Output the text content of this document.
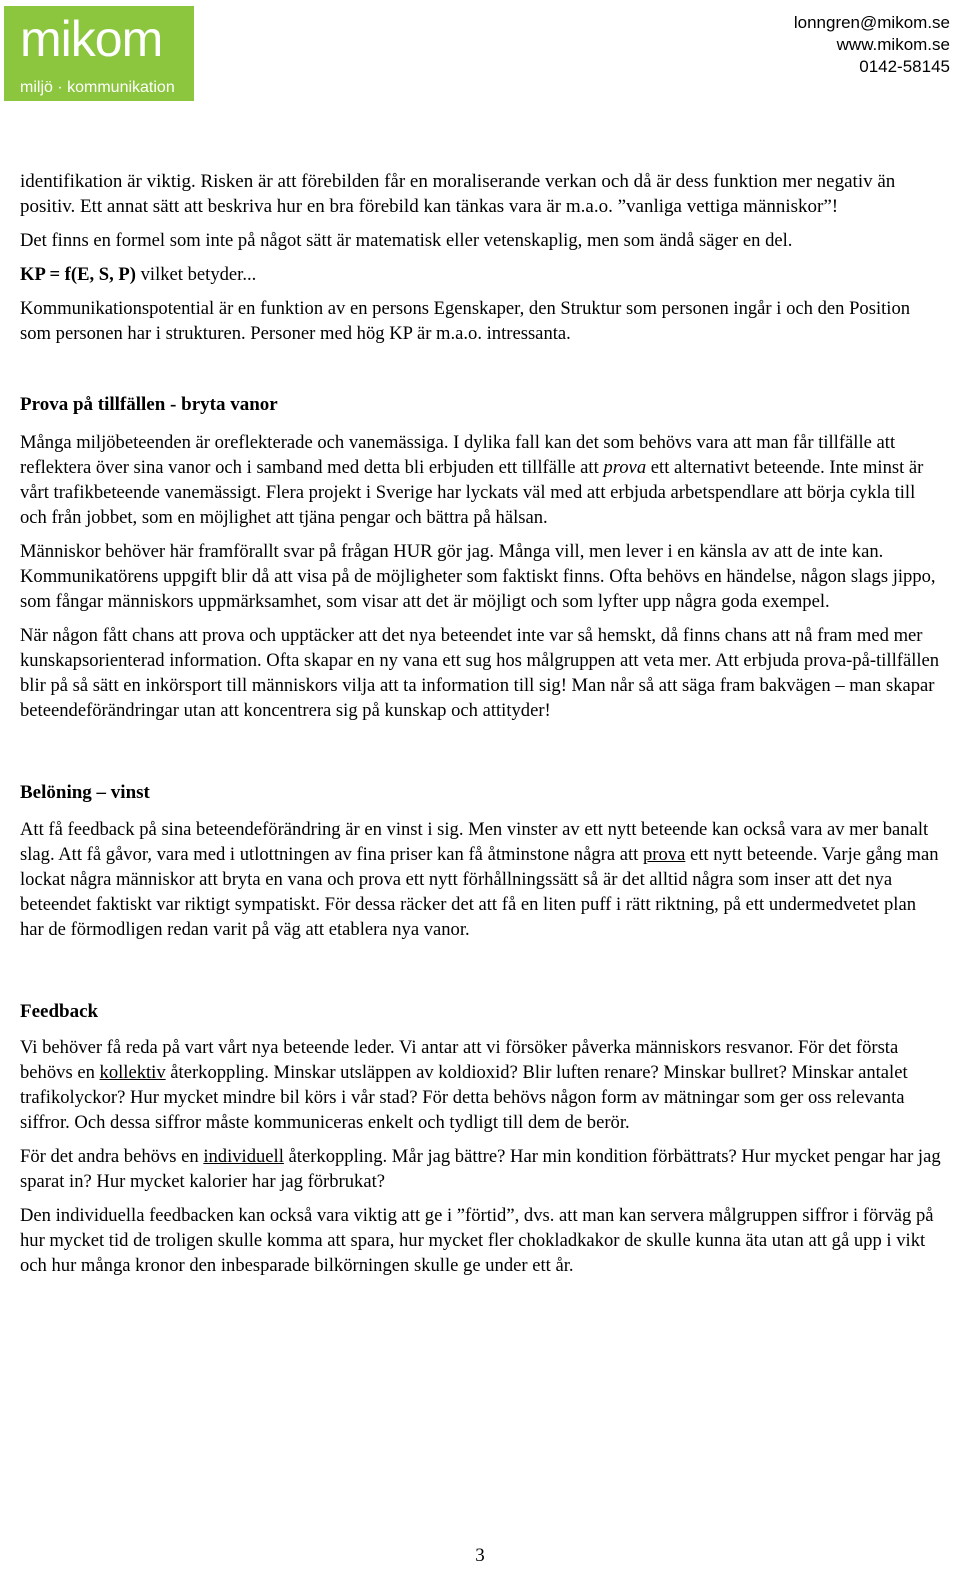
mikom
miljö · kommunikation
lonngren@mikom.se
www.mikom.se
0142-58145

identifikation är viktig. Risken är att förebilden får en moraliserande verkan och då är dess funktion mer negativ än positiv. Ett annat sätt att beskriva hur en bra förebild kan tänkas vara är m.a.o. ”vanliga vettiga människor”!

Det finns en formel som inte på något sätt är matematisk eller vetenskaplig, men som ändå säger en del.

KP = f(E, S, P) vilket betyder...

Kommunikationspotential är en funktion av en persons Egenskaper, den Struktur som personen ingår i och den Position som personen har i strukturen. Personer med hög KP är m.a.o. intressanta.

Prova på tillfällen - bryta vanor

Många miljöbeteenden är oreflekterade och vanemässiga. I dylika fall kan det som behövs vara att man får tillfälle att reflektera över sina vanor och i samband med detta bli erbjuden ett tillfälle att prova ett alternativt beteende. Inte minst är vårt trafikbeteende vanemässigt. Flera projekt i Sverige har lyckats väl med att erbjuda arbetspendlare att börja cykla till och från jobbet, som en möjlighet att tjäna pengar och bättra på hälsan.

Människor behöver här framförallt svar på frågan HUR gör jag. Många vill, men lever i en känsla av att de inte kan. Kommunikatörens uppgift blir då att visa på de möjligheter som faktiskt finns. Ofta behövs en händelse, någon slags jippo, som fångar människors uppmärksamhet, som visar att det är möjligt och som lyfter upp några goda exempel.

När någon fått chans att prova och upptäcker att det nya beteendet inte var så hemskt, då finns chans att nå fram med mer kunskapsorienterad information. Ofta skapar en ny vana ett sug hos målgruppen att veta mer. Att erbjuda prova-på-tillfällen blir på så sätt en inkörsport till människors vilja att ta information till sig! Man når så att säga fram bakvägen – man skapar beteendeförändringar utan att koncentrera sig på kunskap och attityder!

Belöning – vinst

Att få feedback på sina beteendeförändring är en vinst i sig. Men vinster av ett nytt beteende kan också vara av mer banalt slag. Att få gåvor, vara med i utlottningen av fina priser kan få åtminstone några att prova ett nytt beteende. Varje gång man lockat några människor att bryta en vana och prova ett nytt förhållningssätt så är det alltid några som inser att det nya beteendet faktiskt var riktigt sympatiskt. För dessa räcker det att få en liten puff i rätt riktning, på ett undermedvetet plan har de förmodligen redan varit på väg att etablera nya vanor.

Feedback

Vi behöver få reda på vart vårt nya beteende leder. Vi antar att vi försöker påverka människors resvanor. För det första behövs en kollektiv återkoppling. Minskar utsläppen av koldioxid? Blir luften renare? Minskar bullret? Minskar antalet trafikolyckor? Hur mycket mindre bil körs i vår stad? För detta behövs någon form av mätningar som ger oss relevanta siffror. Och dessa siffror måste kommuniceras enkelt och tydligt till dem de berör.

För det andra behövs en individuell återkoppling. Mår jag bättre? Har min kondition förbättrats? Hur mycket pengar har jag sparat in? Hur mycket kalorier har jag förbrukat?

Den individuella feedbacken kan också vara viktig att ge i ”förtid”, dvs. att man kan servera målgruppen siffror i förväg på hur mycket tid de troligen skulle komma att spara, hur mycket fler chokladkakor de skulle kunna äta utan att gå upp i vikt och hur många kronor den inbesparade bilkörningen skulle ge under ett år.

3
